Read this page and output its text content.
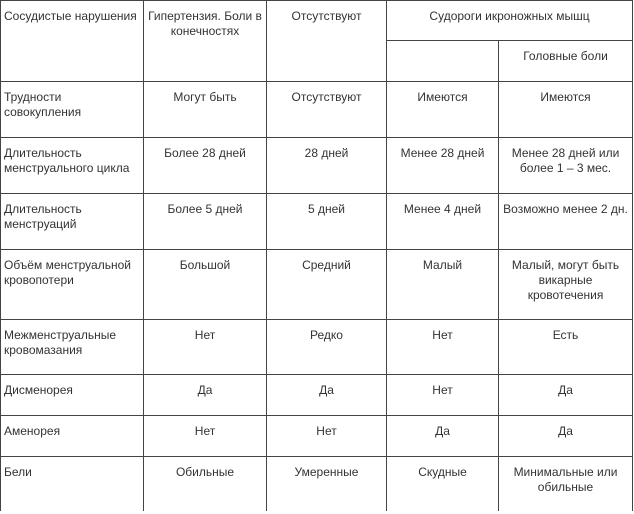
Сосудистые нарушения	Гипертензия. Боли в конечностях	Отсутствуют	Судороги икроножных мышц	
				Головные боли
Трудности совокупления	Могут быть	Отсутствуют	Имеются	Имеются
Длительность менструального цикла	Более 28 дней	28 дней	Менее 28 дней	Менее 28 дней или более 1 – 3 мес.
Длительность менструаций	Более 5 дней	5 дней	Менее 4 дней	Возможно менее 2 дн.
Объём менструальной кровопотери	Большой	Средний	Малый	Малый, могут быть викарные кровотечения
Межменструальные кровомазания	Нет	Редко	Нет	Есть
Дисменорея	Да	Да	Нет	Да
Аменорея	Нет	Нет	Да	Да
Бели	Обильные	Умеренные	Скудные	Минимальные или обильные
